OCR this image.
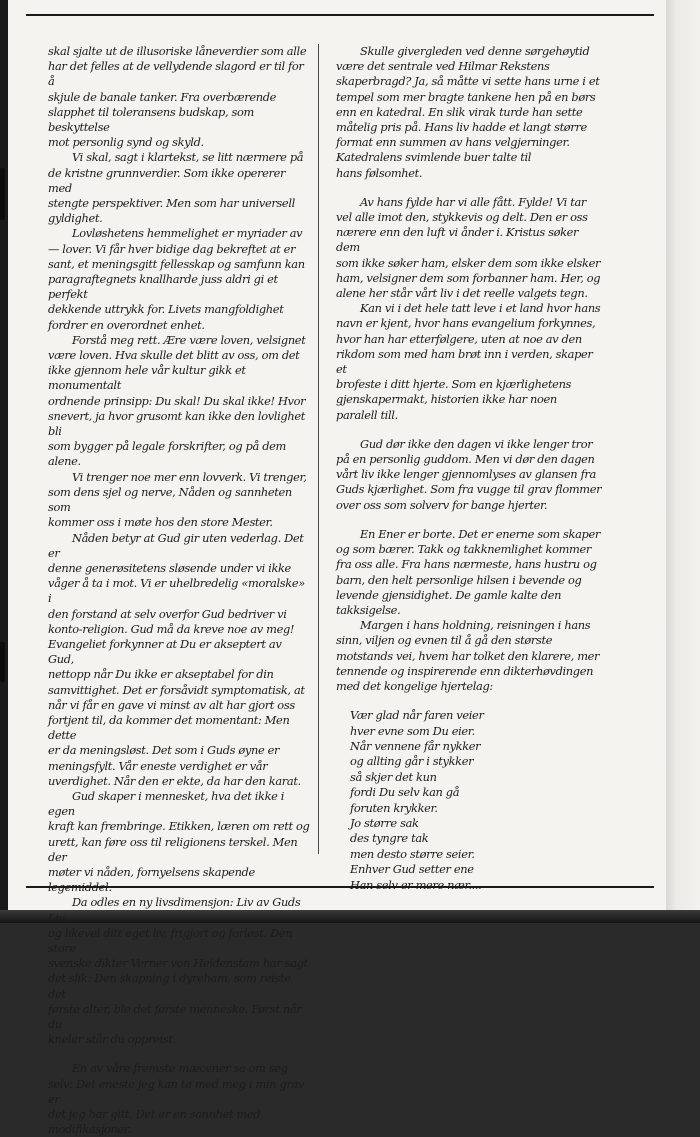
skal sjalte ut de illusoriske låneverdier som alle
har det felles at de vellydende slagord er til for å
skjule de banale tanker. Fra overbærende
slapphet til toleransens budskap, som beskyttelse
mot personlig synd og skyld.

Vi skal, sagt i klartekst, se litt nærmere på
de kristne grunnverdier. Som ikke opererer med
stengte perspektiver. Men som har universell
gyldighet.

Lovløshetens hemmelighet er myriader av
— lover. Vi får hver bidige dag bekreftet at er
sant, et meningsgitt fellesskap og samfunn kan
paragraftegnets knallharde juss aldri gi et perfekt
dekkende uttrykk for. Livets mangfoldighet
fordrer en overordnet enhet.

Forstå meg rett. Ære være loven, velsignet
være loven. Hva skulle det blitt av oss, om det
ikke gjennom hele vår kultur gikk et monumentalt
ordnende prinsipp: Du skal! Du skal ikke! Hvor
snevert, ja hvor grusomt kan ikke den lovlighet bli
som bygger på legale forskrifter, og på dem
alene.

Vi trenger noe mer enn lovverk. Vi trenger,
som dens sjel og nerve, Nåden og sannheten som
kommer oss i møte hos den store Mester.

Nåden betyr at Gud gir uten vederlag. Det er
denne generøsitetens sløsende under vi ikke
våger å ta i mot. Vi er uhelbredelig «moralske» i
den forstand at selv overfor Gud bedriver vi
konto-religion. Gud må da kreve noe av meg!
Evangeliet forkynner at Du er akseptert av Gud,
nettopp når Du ikke er akseptabel for din
samvittighet. Det er forsåvidt symptomatisk, at
når vi får en gave vi minst av alt har gjort oss
fortjent til, da kommer det momentant: Men dette
er da meningsløst. Det som i Guds øyne er
meningsfylt. Vår eneste verdighet er vår
uverdighet. Når den er ekte, da har den karat.

Gud skaper i mennesket, hva det ikke i egen
kraft kan frembringe. Etikken, læren om rett og
urett, kan føre oss til religionens terskel. Men der
møter vi nåden, fornyelsens skapende
legemiddel.

Da odles en ny livsdimensjon: Liv av Guds Liv,
og likevel ditt eget liv, frigjort og forløst. Den store
svenske dikter Verner von Heidenstam har sagt
det slik: Den skapning i dyreham, som reiste det
første alter, ble det første menneske. Først når du
kneler står du oppreist.

En av våre fremste mæcener sa om seg
selv: Det eneste jeg kan ta med meg i min grav er
det jeg har gitt. Det er en sannhet med
modifikasjoner.

Skulle givergleden ved denne sørgehøytid
være det sentrale ved Hilmar Rekstens
skaperbragd? Ja, så måtte vi sette hans urne i et
tempel som mer bragte tankene hen på en børs
enn en katedral. En slik virak turde han sette
måtelig pris på. Hans liv hadde et langt større
format enn summen av hans velgjerninger.
Katedralens svimlende buer talte til
hans følsomhet.

Av hans fylde har vi alle fått. Fylde! Vi tar
vel alle imot den, stykkevis og delt. Den er oss
nærere enn den luft vi ånder i. Kristus søker dem
som ikke søker ham, elsker dem som ikke elsker
ham, velsigner dem som forbanner ham. Her, og
alene her står vårt liv i det reelle valgets tegn.

Kan vi i det hele tatt leve i et land hvor hans
navn er kjent, hvor hans evangelium forkynnes,
hvor han har etterfølgere, uten at noe av den
rikdom som med ham brøt inn i verden, skaper et
brofeste i ditt hjerte. Som en kjærlighetens
gjenskapermakt, historien ikke har noen
paralell till.

Gud dør ikke den dagen vi ikke lenger tror
på en personlig guddom. Men vi dør den dagen
vårt liv ikke lenger gjennomlyses av glansen fra
Guds kjærlighet. Som fra vugge til grav flommer
over oss som solverv for bange hjerter.

En Ener er borte. Det er enerne som skaper
og som bærer. Takk og takknemlighet kommer
fra oss alle. Fra hans nærmeste, hans hustru og
barn, den helt personlige hilsen i bevende og
levende gjensidighet. De gamle kalte den
takksigelse.

Margen i hans holdning, reisningen i hans
sinn, viljen og evnen til å gå den største
motstands vei, hvem har tolket den klarere, mer
tennende og inspirerende enn dikterhøvdingen
med det kongelige hjertelag:

Vær glad når faren veier
hver evne som Du eier.
Når vennene får nykker
og allting går i stykker
så skjer det kun
fordi Du selv kan gå
foruten krykker.
Jo større sak
des tyngre tak
men desto større seier.
Enhver Gud setter ene
Han selv er mere nær....
